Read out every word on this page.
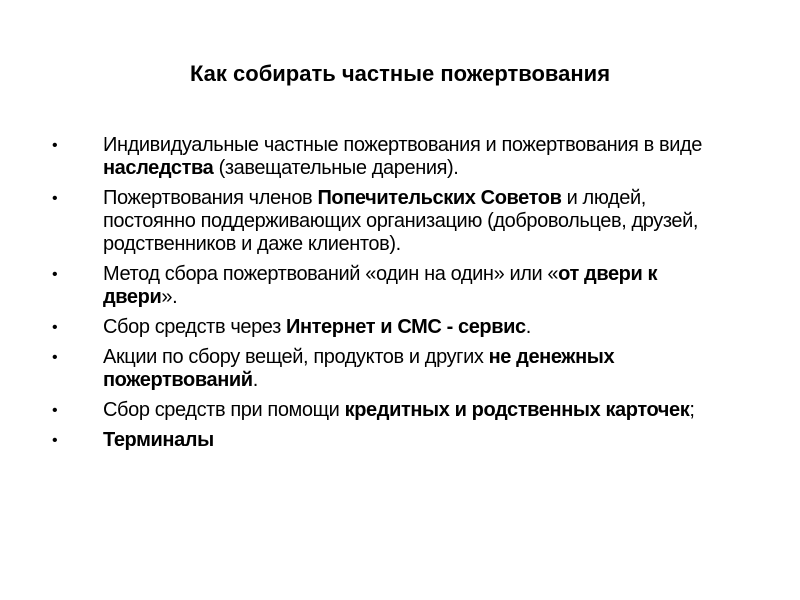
Как собирать частные пожертвования
• Индивидуальные частные пожертвования и пожертвования в виде наследства (завещательные дарения).
• Пожертвования членов Попечительских Советов и людей, постоянно поддерживающих организацию (добровольцев, друзей, родственников и даже клиентов).
• Метод сбора пожертвований «один на один» или «от двери к двери».
• Сбор средств через Интернет и СМС - сервис.
• Акции по сбору вещей, продуктов и других не денежных пожертвований.
• Сбор средств при помощи кредитных и родственных карточек;
• Терминалы
